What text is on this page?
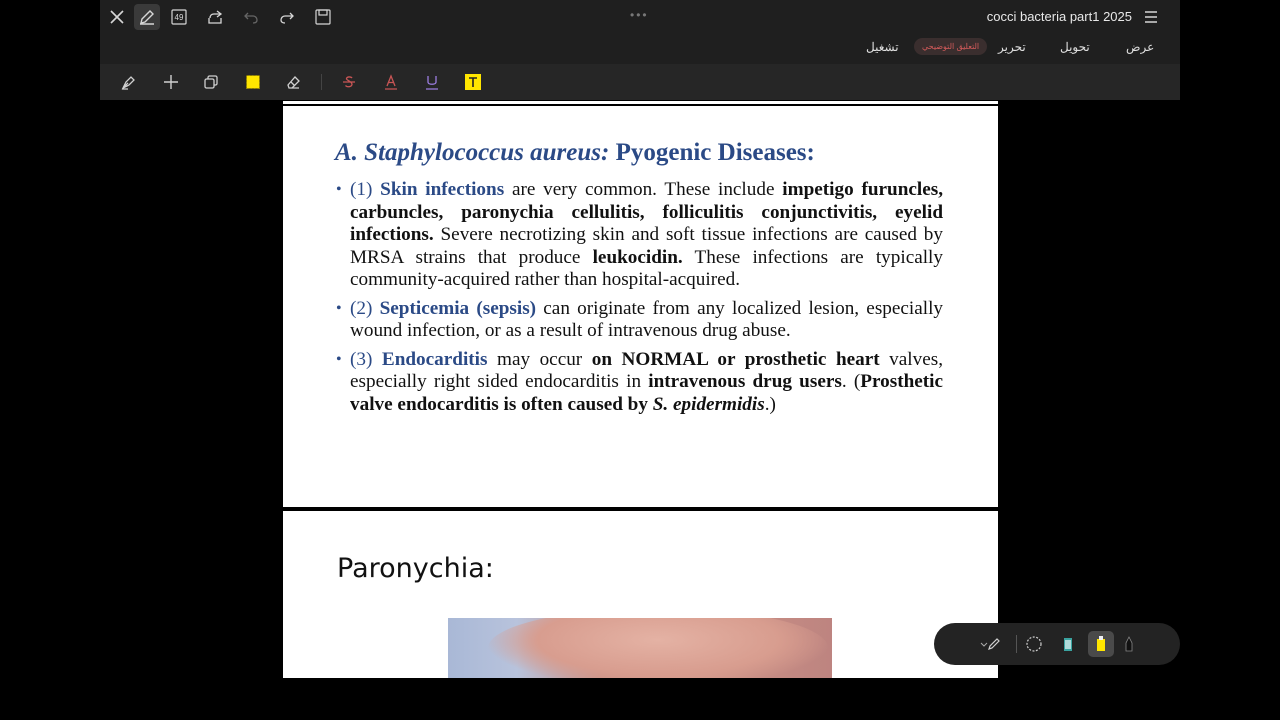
49	•••	cocci bacteria part1 2025
عرض
تحويل
تحرير
التعليق التوضيحي
تشغيل
A. Staphylococcus aureus: Pyogenic Diseases:
• (1) Skin infections are very common. These include impetigo furuncles, carbuncles, paronychia cellulitis, folliculitis conjunctivitis, eyelid infections. Severe necrotizing skin and soft tissue infections are caused by MRSA strains that produce leukocidin. These infections are typically community-acquired rather than hospital-acquired.
• (2) Septicemia (sepsis) can originate from any localized lesion, especially wound infection, or as a result of intravenous drug abuse.
• (3) Endocarditis may occur on NORMAL or prosthetic heart valves, especially right sided endocarditis in intravenous drug users. (Prosthetic valve endocarditis is often caused by S. epidermidis.)
Paronychia:
